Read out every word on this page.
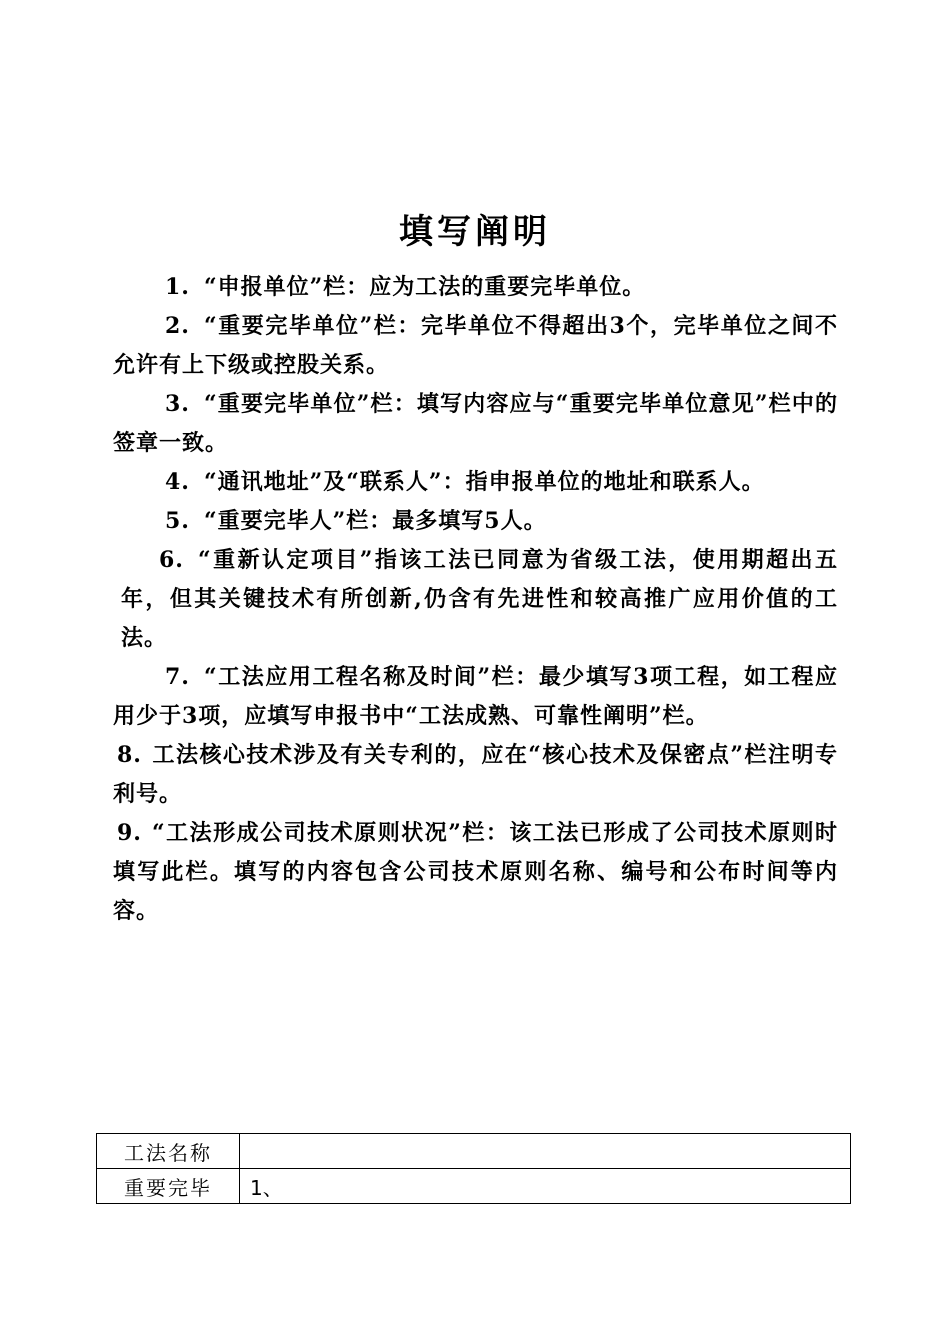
填写阐明

1. “申报单位”栏：应为工法的重要完毕单位。

2. “重要完毕单位”栏：完毕单位不得超出3个，完毕单位之间不允许有上下级或控股关系。

3. “重要完毕单位”栏：填写内容应与“重要完毕单位意见”栏中的签章一致。

4. “通讯地址”及“联系人”：指申报单位的地址和联系人。

5. “重要完毕人”栏：最多填写5人。

6. “重新认定项目”指该工法已同意为省级工法，使用期超出五年，但其关键技术有所创新,仍含有先进性和较高推广应用价值的工法。

7. “工法应用工程名称及时间”栏：最少填写3项工程，如工程应用少于3项，应填写申报书中“工法成熟、可靠性阐明”栏。

8. 工法核心技术涉及有关专利的，应在“核心技术及保密点”栏注明专利号。

9. “工法形成公司技术原则状况”栏：该工法已形成了公司技术原则时填写此栏。填写的内容包含公司技术原则名称、编号和公布时间等内容。

工法名称	
重要完毕	1、
